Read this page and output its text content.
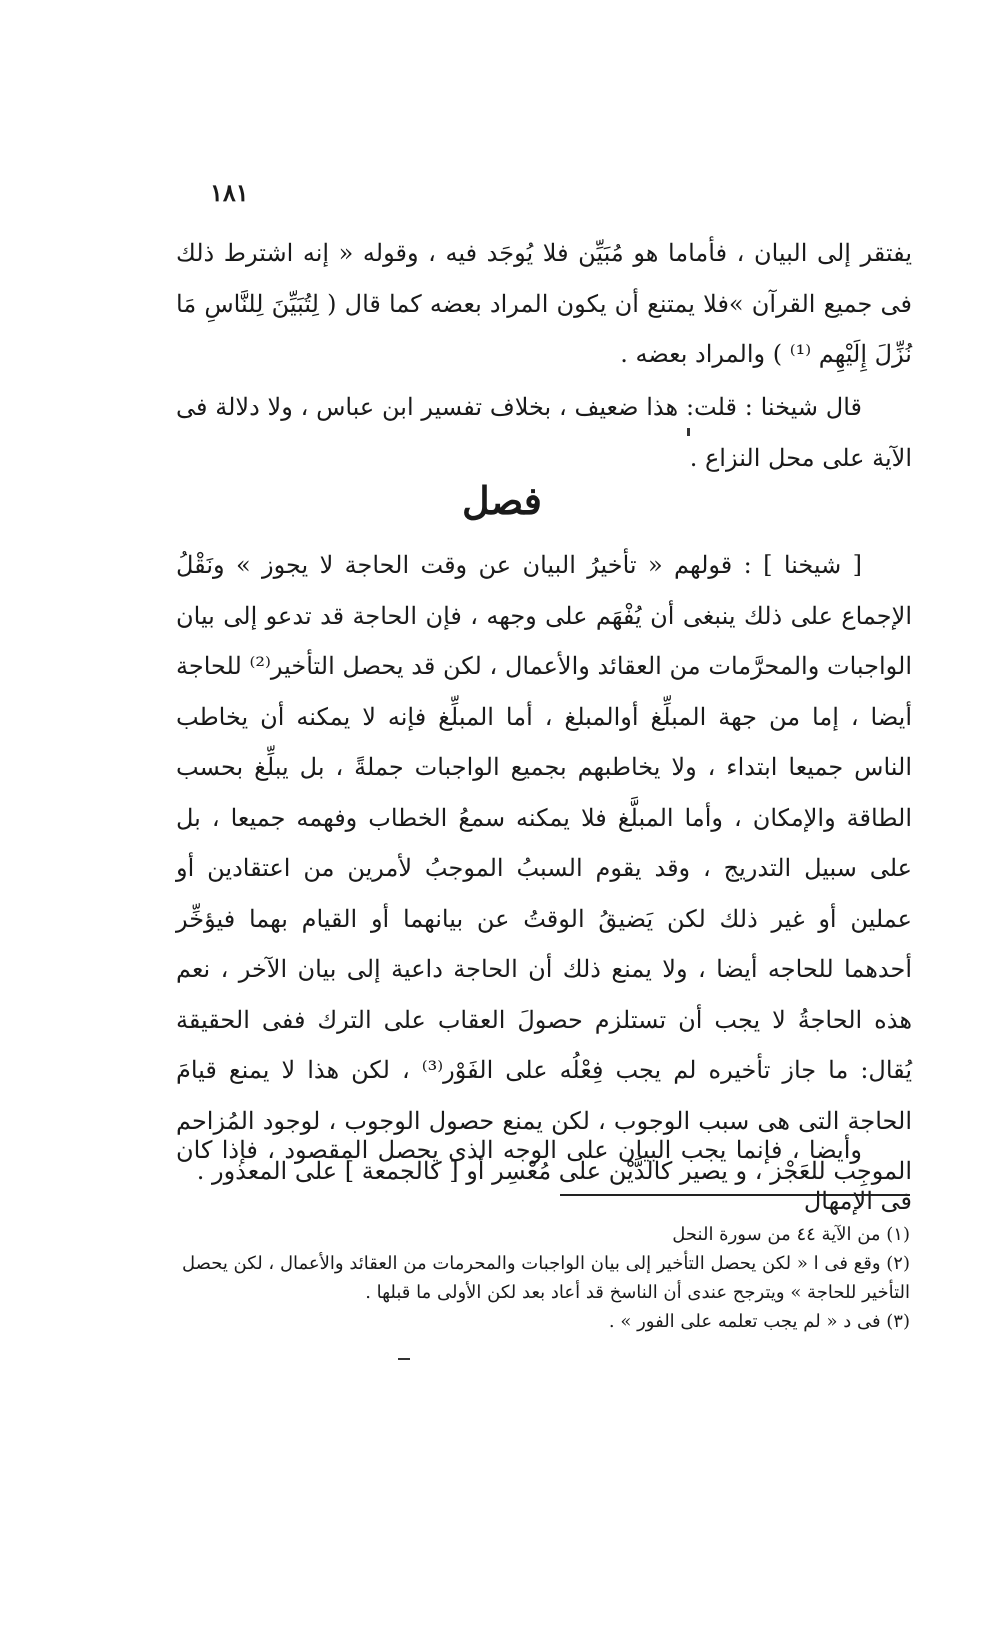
١٨١

يفتقر إلى البيان ، فأماما هو مُبَيِّن فلا يُوجَد فيه ، وقوله « إنه اشترط ذلك فى جميع القرآن »فلا يمتنع أن يكون المراد بعضه كما قال ( لِتُبَيِّنَ لِلنَّاسِ مَا نُزِّلَ إِلَيْهِم ⁽¹⁾ ) والمراد بعضه .

قال شيخنا : قلت: هذا ضعيف ، بخلاف تفسير ابن عباس ، ولا دلالة فى الآية على محل النزاع .

فصل

[ شيخنا ] : قولهم « تأخيرُ البيان عن وقت الحاجة لا يجوز » ونَقْلُ الإجماع على ذلك ينبغى أن يُفْهَم على وجهه ، فإن الحاجة قد تدعو إلى بيان الواجبات والمحرَّمات من العقائد والأعمال ، لكن قد يحصل التأخير⁽²⁾ للحاجة أيضا ، إما من جهة المبلِّغ أوالمبلغ ، أما المبلِّغ فإنه لا يمكنه أن يخاطب الناس جميعا ابتداء ، ولا يخاطبهم بجميع الواجبات جملةً ، بل يبلِّغ بحسب الطاقة والإمكان ، وأما المبلَّغ فلا يمكنه سمعُ الخطاب وفهمه جميعا ، بل على سبيل التدريج ، وقد يقوم السببُ الموجبُ لأمرين من اعتقادين أو عملين أو غير ذلك لكن يَضيقُ الوقتُ عن بيانهما أو القيام بهما فيؤخِّر أحدهما للحاجه أيضا ، ولا يمنع ذلك أن الحاجة داعية إلى بيان الآخر ، نعم هذه الحاجةُ لا يجب أن تستلزم حصولَ العقاب على الترك ففى الحقيقة يُقال: ما جاز تأخيره لم يجب فِعْلُه على الفَوْر⁽³⁾ ، لكن هذا لا يمنع قيامَ الحاجة التى هى سبب الوجوب ، لكن يمنع حصول الوجوب ، لوجود المُزاحم الموجِب للعَجْز ، و يصير كالدَّيْن على مُعْسِر أو [ كالجمعة ] على المعذور .

وأيضا ، فإنما يجب البيان على الوجه الذى يحصل المقصود ، فإذا كان فى الإمهال

(١) من الآية ٤٤ من سورة النحل

(٢) وقع فى ا « لكن يحصل التأخير إلى بيان الواجبات والمحرمات من العقائد والأعمال ، لكن يحصل التأخير للحاجة » ويترجح عندى أن الناسخ قد أعاد بعد لكن الأولى ما قبلها .

(٣) فى د « لم يجب تعلمه على الفور » .
